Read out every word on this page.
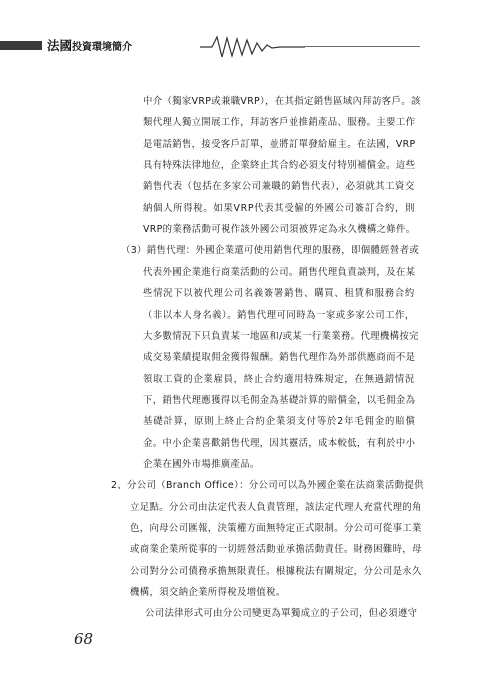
法國投資環境簡介
中介（獨家VRP或兼職VRP），在其指定銷售區域內拜訪客戶。該
類代理人獨立開展工作，拜訪客戶並推銷產品、服務。主要工作
是電話銷售，接受客戶訂單，並將訂單發給雇主。在法國，VRP
具有特殊法律地位，企業終止其合約必須支付特別補償金。這些
銷售代表（包括在多家公司兼職的銷售代表），必須就其工資交
納個人所得稅。如果VRP代表其受僱的外國公司簽訂合約，則
VRP的業務活動可視作該外國公司須被界定為永久機構之條件。
（3）銷售代理：外國企業還可使用銷售代理的服務，即個體經營者或
代表外國企業進行商業活動的公司。銷售代理負責談判，及在某
些情況下以被代理公司名義簽署銷售、購買、租賃和服務合約
（非以本人身名義）。銷售代理可同時為一家或多家公司工作，
大多數情況下只負責某一地區和/或某一行業業務。代理機構按完
成交易業績提取佣金獲得報酬。銷售代理作為外部供應商而不是
領取工資的企業雇員，終止合約適用特殊規定，在無過錯情況
下，銷售代理應獲得以毛佣金為基礎計算的賠償金，以毛佣金為
基礎計算，原則上終止合約企業須支付等於2年毛佣金的賠償
金。中小企業喜歡銷售代理，因其靈活，成本較低，有利於中小
企業在國外市場推廣產品。
2、分公司（Branch Office）：分公司可以為外國企業在法商業活動提供
立足點。分公司由法定代表人負責管理，該法定代理人充當代理的角
色，向母公司匯報，決策權方面無特定正式限制。分公司可從事工業
或商業企業所從事的一切經營活動並承擔活動責任。財務困難時，母
公司對分公司債務承擔無限責任。根據稅法有關規定，分公司是永久
機構，須交納企業所得稅及增值稅。
公司法律形式可由分公司變更為單獨成立的子公司，但必須遵守
68
